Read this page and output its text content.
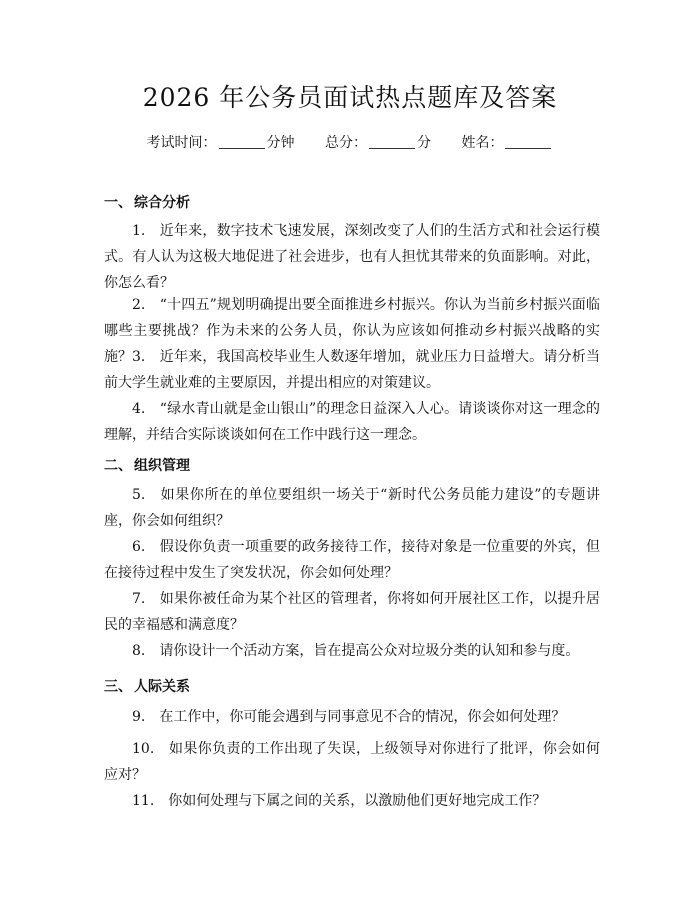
2026 年公务员面试热点题库及答案
考试时间：	分钟 总分：	分 姓名：
一、 综合分析
1.　近年来，数字技术飞速发展，深刻改变了人们的生活方式和社会运行模式。有人认为这极大地促进了社会进步，也有人担忧其带来的负面影响。对此，你怎么看？
2.　“十四五”规划明确提出要全面推进乡村振兴。你认为当前乡村振兴面临哪些主要挑战？作为未来的公务人员，你认为应该如何推动乡村振兴战略的实施？ 3.　近年来，我国高校毕业生人数逐年增加，就业压力日益增大。请分析当前大学生就业难的主要原因，并提出相应的对策建议。
4.　“绿水青山就是金山银山”的理念日益深入人心。请谈谈你对这一理念的理解，并结合实际谈谈如何在工作中践行这一理念。
二、 组织管理
5.　如果你所在的单位要组织一场关于“新时代公务员能力建设”的专题讲座，你会如何组织？
6.　假设你负责一项重要的政务接待工作，接待对象是一位重要的外宾，但在接待过程中发生了突发状况，你会如何处理？
7.　如果你被任命为某个社区的管理者，你将如何开展社区工作，以提升居民的幸福感和满意度？
8.　请你设计一个活动方案，旨在提高公众对垃圾分类的认知和参与度。
三、 人际关系
9.　在工作中，你可能会遇到与同事意见不合的情况，你会如何处理？
10.　如果你负责的工作出现了失误，上级领导对你进行了批评，你会如何应对？
11.　你如何处理与下属之间的关系，以激励他们更好地完成工作？
